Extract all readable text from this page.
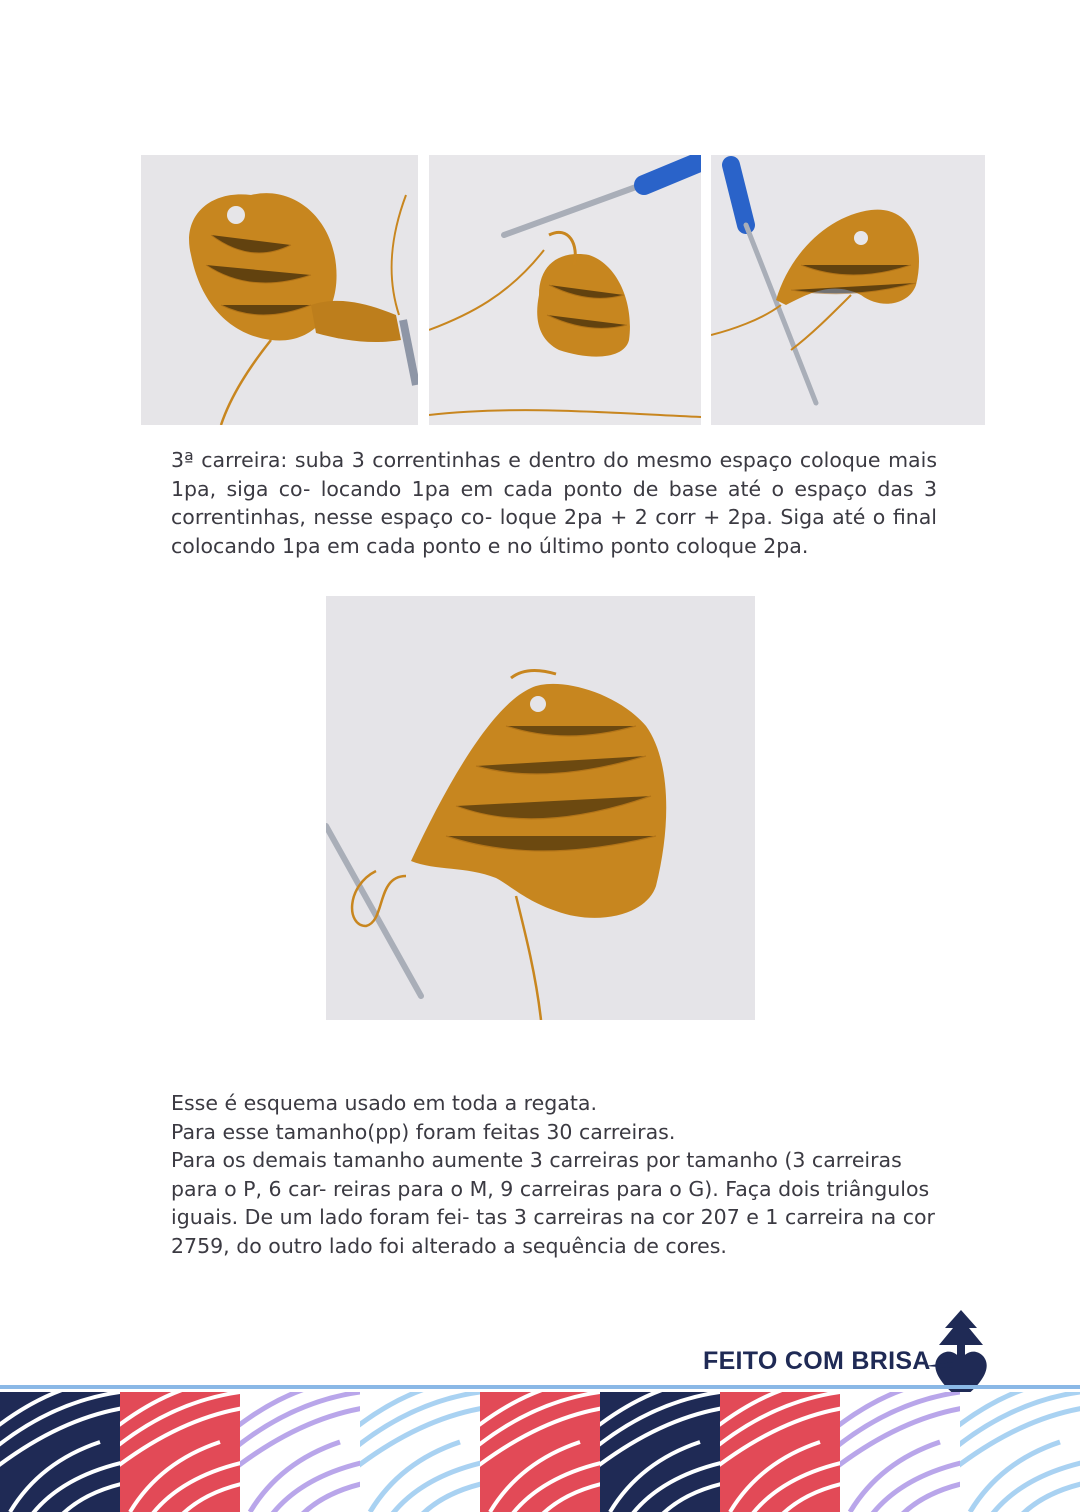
3ª carreira: suba 3 correntinhas e dentro do mesmo espaço coloque mais 1pa, siga co- locando 1pa em cada ponto de base até o espaço das 3 correntinhas, nesse espaço co- loque 2pa + 2 corr + 2pa. Siga até o final colocando 1pa em cada ponto e no último ponto coloque 2pa.

Esse é esquema usado em toda a regata.
Para esse tamanho(pp) foram feitas 30 carreiras.
Para os demais tamanho aumente 3 carreiras por tamanho (3 carreiras para o P, 6 car- reiras para o M, 9 carreiras para o G). Faça dois triângulos iguais. De um lado foram fei- tas 3 carreiras na cor 207 e 1 carreira na cor 2759, do outro lado foi alterado a sequência de cores.
FEITO COM BRISA
